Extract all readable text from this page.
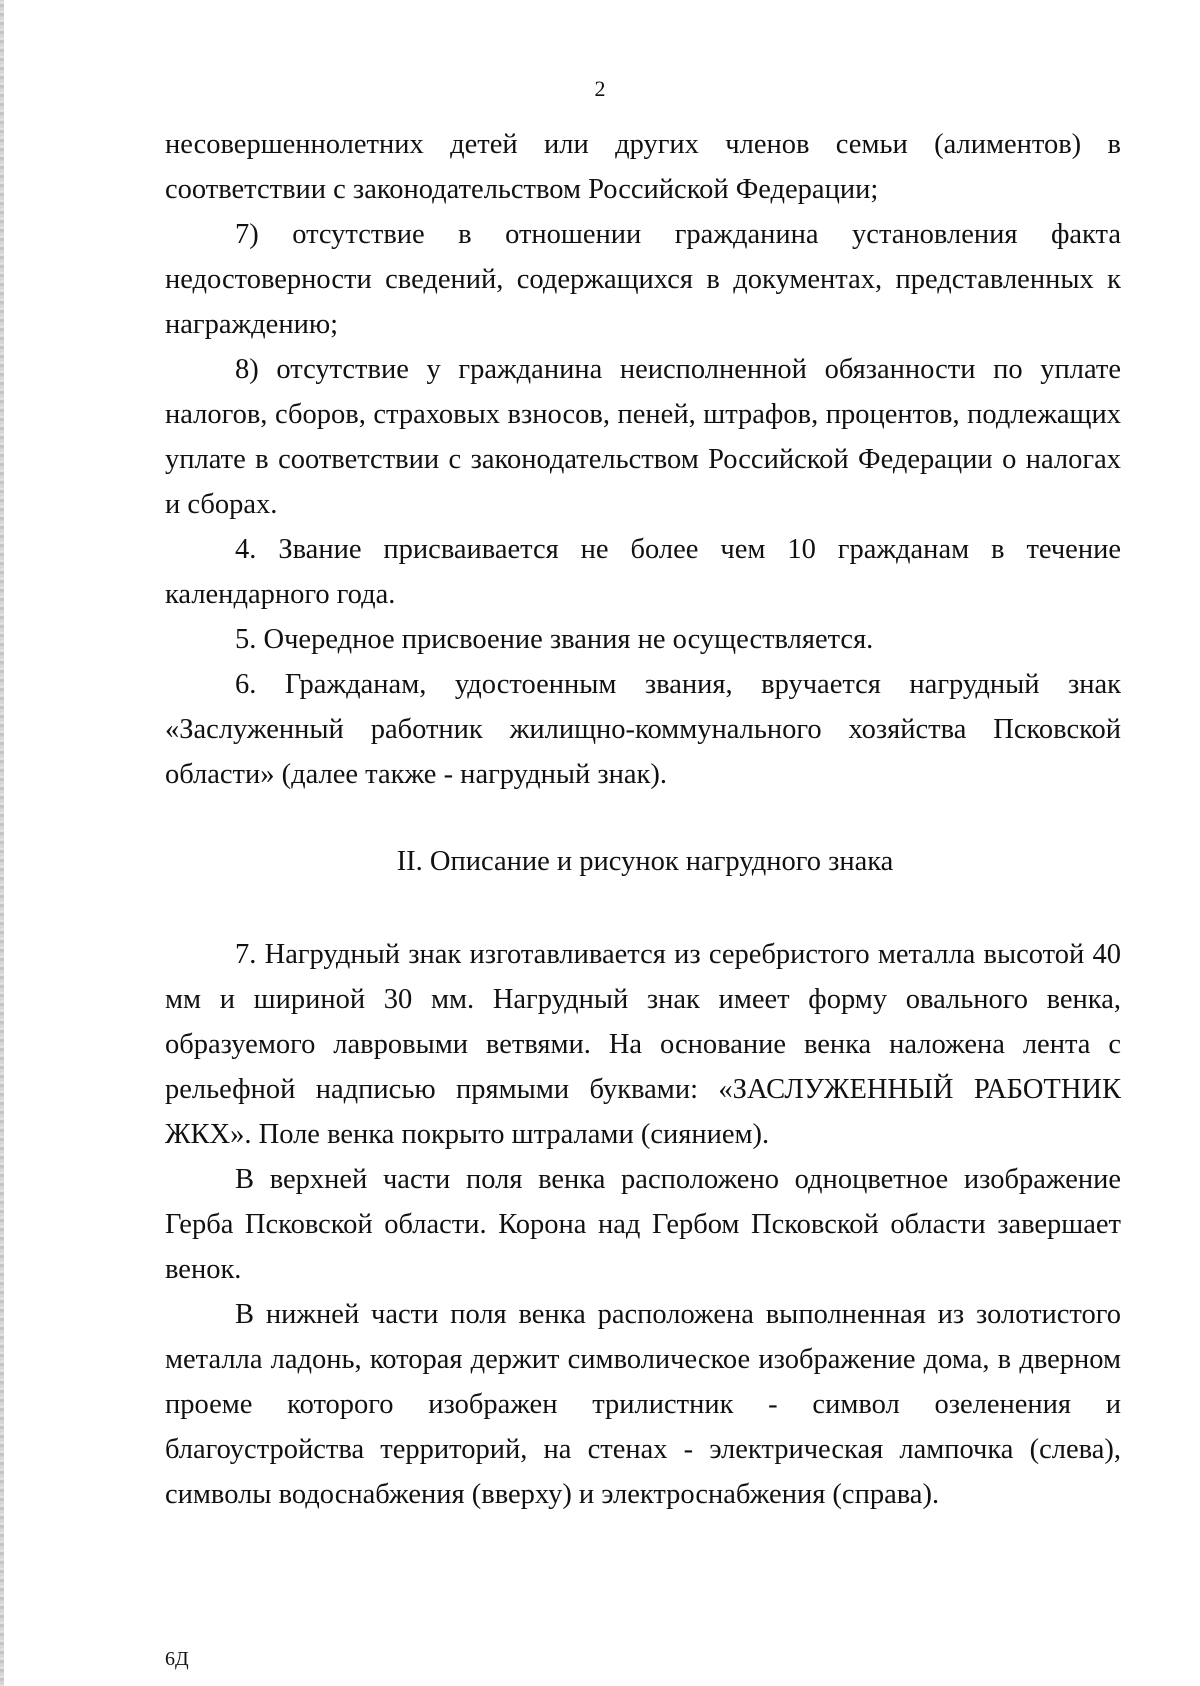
2

несовершеннолетних детей или других членов семьи (алиментов) в соответствии с законодательством Российской Федерации;

7) отсутствие в отношении гражданина установления факта недостоверности сведений, содержащихся в документах, представленных к награждению;

8) отсутствие у гражданина неисполненной обязанности по уплате налогов, сборов, страховых взносов, пеней, штрафов, процентов, подлежащих уплате в соответствии с законодательством Российской Федерации о налогах и сборах.

4. Звание присваивается не более чем 10 гражданам в течение календарного года.

5. Очередное присвоение звания не осуществляется.

6. Гражданам, удостоенным звания, вручается нагрудный знак «Заслуженный работник жилищно-коммунального хозяйства Псковской области» (далее также - нагрудный знак).

II. Описание и рисунок нагрудного знака

7. Нагрудный знак изготавливается из серебристого металла высотой 40 мм и шириной 30 мм. Нагрудный знак имеет форму овального венка, образуемого лавровыми ветвями. На основание венка наложена лента с рельефной надписью прямыми буквами: «ЗАСЛУЖЕННЫЙ РАБОТНИК ЖКХ». Поле венка покрыто штралами (сиянием).

В верхней части поля венка расположено одноцветное изображение Герба Псковской области. Корона над Гербом Псковской области завершает венок.

В нижней части поля венка расположена выполненная из золотистого металла ладонь, которая держит символическое изображение дома, в дверном проеме которого изображен трилистник - символ озеленения и благоустройства территорий, на стенах - электрическая лампочка (слева), символы водоснабжения (вверху) и электроснабжения (справа).

6Д
